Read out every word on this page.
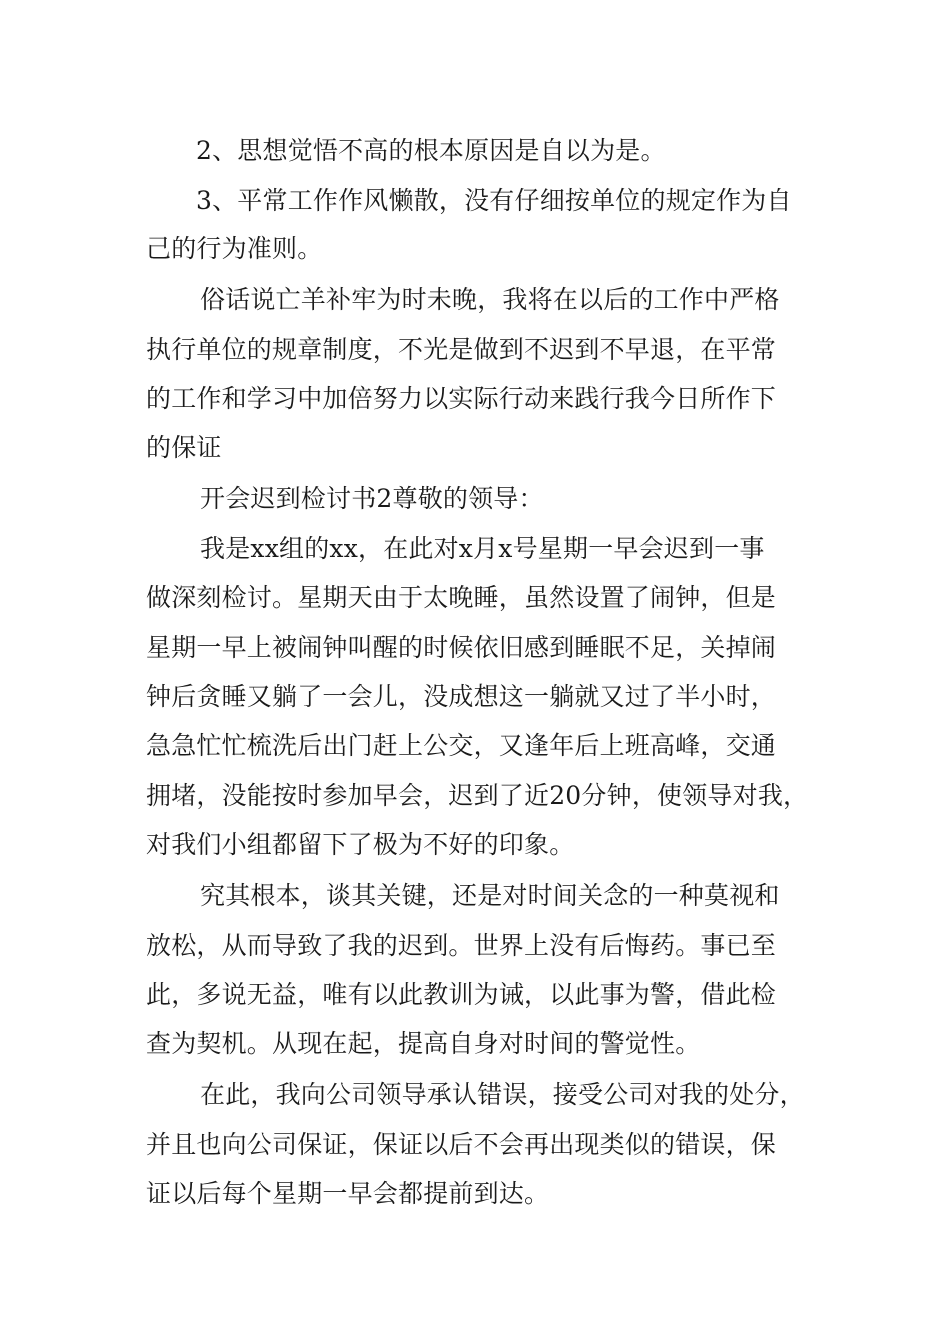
2、思想觉悟不高的根本原因是自以为是。
3、平常工作作风懒散，没有仔细按单位的规定作为自
己的行为准则。
俗话说亡羊补牢为时未晚，我将在以后的工作中严格
执行单位的规章制度，不光是做到不迟到不早退，在平常
的工作和学习中加倍努力以实际行动来践行我今日所作下
的保证
开会迟到检讨书2尊敬的领导：
我是xx组的xx，在此对x月x号星期一早会迟到一事
做深刻检讨。星期天由于太晚睡，虽然设置了闹钟，但是
星期一早上被闹钟叫醒的时候依旧感到睡眠不足，关掉闹
钟后贪睡又躺了一会儿，没成想这一躺就又过了半小时，
急急忙忙梳洗后出门赶上公交，又逢年后上班高峰，交通
拥堵，没能按时参加早会，迟到了近20分钟，使领导对我，
对我们小组都留下了极为不好的印象。
究其根本，谈其关键，还是对时间关念的一种莫视和
放松，从而导致了我的迟到。世界上没有后悔药。事已至
此，多说无益，唯有以此教训为诫，以此事为警，借此检
查为契机。从现在起，提高自身对时间的警觉性。
在此，我向公司领导承认错误，接受公司对我的处分，
并且也向公司保证，保证以后不会再出现类似的错误，保
证以后每个星期一早会都提前到达。
